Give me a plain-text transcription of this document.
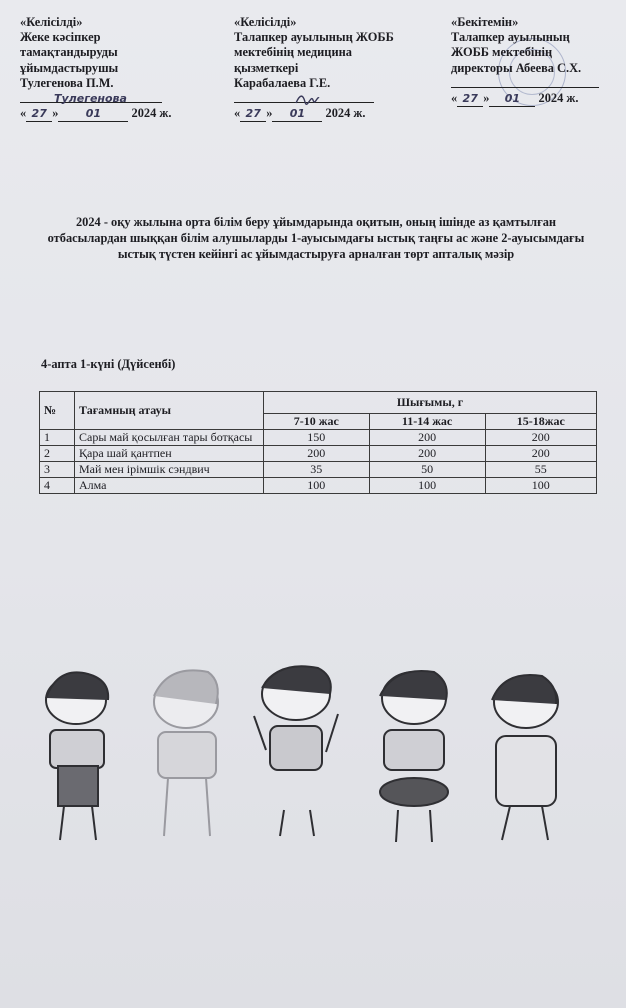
«Келісілді»
Жеке кәсіпкер
тамақтандыруды
ұйымдастырушы
Тулегенова П.М.
Тулегенова
« 27 » 01 2024 ж.
«Келісілді»
Талапкер ауылының ЖОББ
мектебінің медицина
қызметкері
Карабалаева Г.Е.
« 27 » 01 2024 ж.
«Бекітемін»
Талапкер ауылының
ЖОББ мектебінің
директоры Абеева С.Х.
« 27 » 01 2024 ж.
2024 - оқу жылына орта білім беру ұйымдарында оқитын, оның ішінде аз қамтылған отбасылардан шыққан білім алушыларды 1-ауысымдағы ыстық таңғы ас және 2-ауысымдағы ыстық түстен кейінгі ас ұйымдастыруға арналған төрт апталық мәзір
4-апта 1-күні (Дүйсенбі)
№	Тағамның атауы	Шығымы, г		
		7-10 жас	11-14 жас	15-18жас
1	Сары май қосылған тары ботқасы	150	200	200
2	Қара шай қантпен	200	200	200
3	Май мен ірімшік сэндвич	35	50	55
4	Алма	100	100	100
